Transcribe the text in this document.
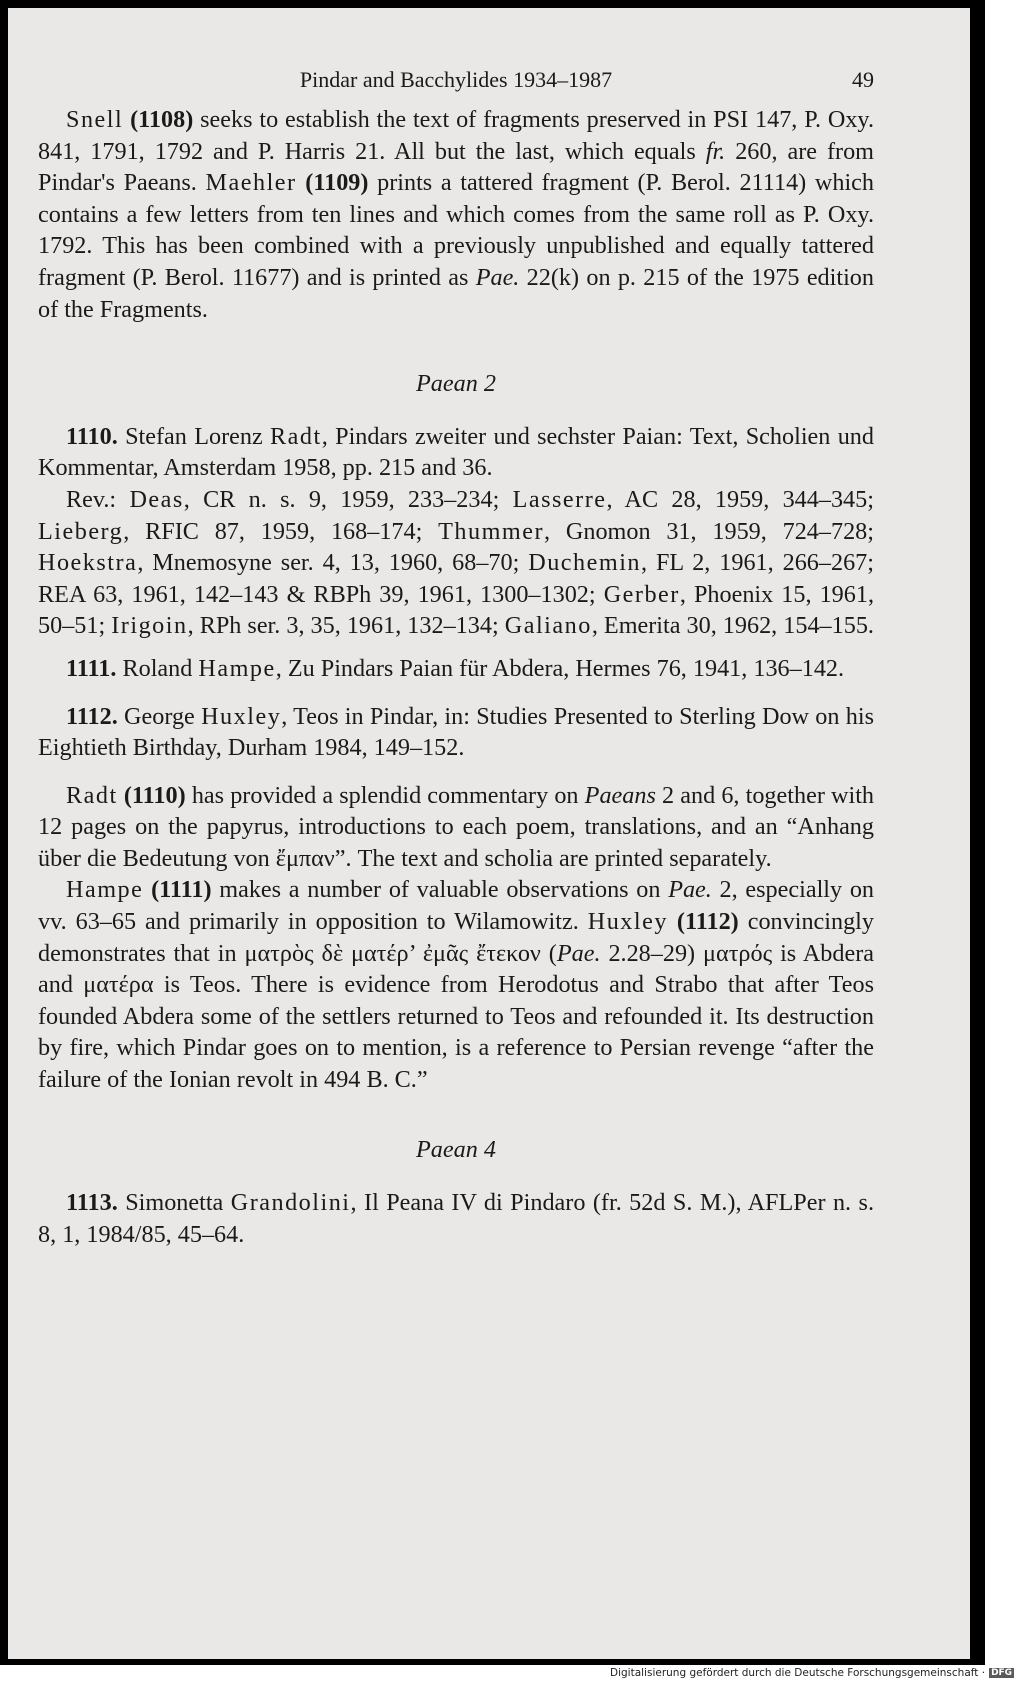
Pindar and Bacchylides 1934–1987	49

Snell (1108) seeks to establish the text of fragments preserved in PSI 147, P. Oxy. 841, 1791, 1792 and P. Harris 21. All but the last, which equals fr. 260, are from Pindar's Paeans. Maehler (1109) prints a tattered fragment (P. Berol. 21114) which contains a few letters from ten lines and which comes from the same roll as P. Oxy. 1792. This has been combined with a previously unpublished and equally tattered fragment (P. Berol. 11677) and is printed as Pae. 22(k) on p. 215 of the 1975 edition of the Fragments.

Paean 2

1110. Stefan Lorenz Radt, Pindars zweiter und sechster Paian: Text, Scholien und Kommentar, Amsterdam 1958, pp. 215 and 36.

Rev.: Deas, CR n. s. 9, 1959, 233–234; Lasserre, AC 28, 1959, 344–345; Lieberg, RFIC 87, 1959, 168–174; Thummer, Gnomon 31, 1959, 724–728; Hoekstra, Mnemosyne ser. 4, 13, 1960, 68–70; Duchemin, FL 2, 1961, 266–267; REA 63, 1961, 142–143 & RBPh 39, 1961, 1300–1302; Gerber, Phoenix 15, 1961, 50–51; Irigoin, RPh ser. 3, 35, 1961, 132–134; Galiano, Emerita 30, 1962, 154–155.

1111. Roland Hampe, Zu Pindars Paian für Abdera, Hermes 76, 1941, 136–142.

1112. George Huxley, Teos in Pindar, in: Studies Presented to Sterling Dow on his Eightieth Birthday, Durham 1984, 149–152.

Radt (1110) has provided a splendid commentary on Paeans 2 and 6, together with 12 pages on the papyrus, introductions to each poem, translations, and an “Anhang über die Bedeutung von ἔμπαν”. The text and scholia are printed separately.

Hampe (1111) makes a number of valuable observations on Pae. 2, especially on vv. 63–65 and primarily in opposition to Wilamowitz. Huxley (1112) convincingly demonstrates that in ματρὸς δὲ ματέρ’ ἐμᾶς ἔτεκον (Pae. 2.28–29) ματρός is Abdera and ματέρα is Teos. There is evidence from Herodotus and Strabo that after Teos founded Abdera some of the settlers returned to Teos and refounded it. Its destruction by fire, which Pindar goes on to mention, is a reference to Persian revenge “after the failure of the Ionian revolt in 494 B. C.”

Paean 4

1113. Simonetta Grandolini, Il Peana IV di Pindaro (fr. 52d S. M.), AFLPer n. s. 8, 1, 1984/85, 45–64.

Digitalisierung gefördert durch die Deutsche Forschungsgemeinschaft · DFG
